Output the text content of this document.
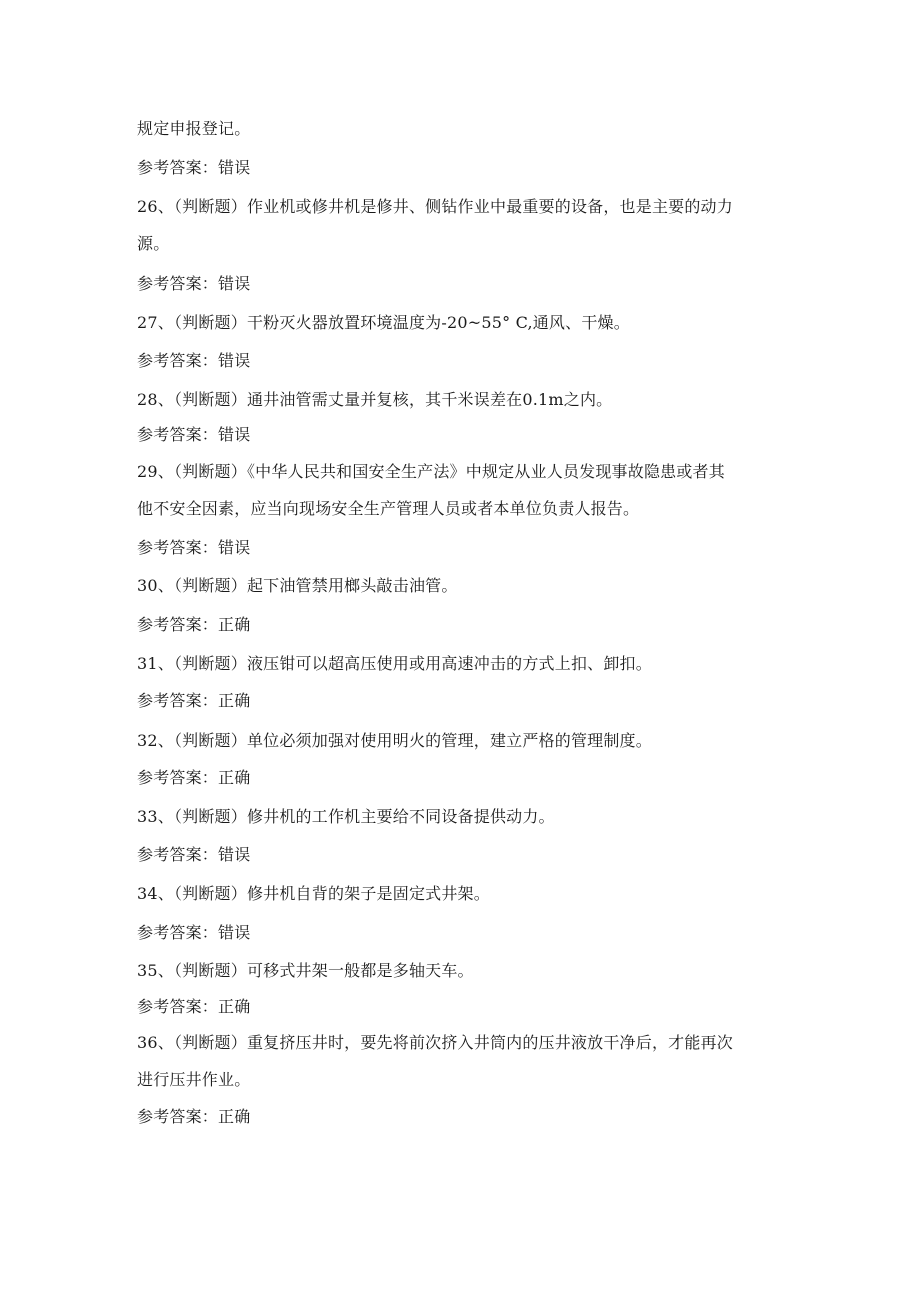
规定申报登记。
参考答案：错误
26、（判断题）作业机或修井机是修井、侧钻作业中最重要的设备，也是主要的动力
源。
参考答案：错误
27、（判断题）干粉灭火器放置环境温度为-20~55° C,通风、干燥。
参考答案：错误
28、（判断题）通井油管需丈量并复核，其千米误差在0.1m之内。
参考答案：错误
29、（判断题）《中华人民共和国安全生产法》中规定从业人员发现事故隐患或者其
他不安全因素，应当向现场安全生产管理人员或者本单位负责人报告。
参考答案：错误
30、（判断题）起下油管禁用榔头敲击油管。
参考答案：正确
31、（判断题）液压钳可以超高压使用或用高速冲击的方式上扣、卸扣。
参考答案：正确
32、（判断题）单位必须加强对使用明火的管理，建立严格的管理制度。
参考答案：正确
33、（判断题）修井机的工作机主要给不同设备提供动力。
参考答案：错误
34、（判断题）修井机自背的架子是固定式井架。
参考答案：错误
35、（判断题）可移式井架一般都是多轴天车。
参考答案：正确
36、（判断题）重复挤压井时，要先将前次挤入井筒内的压井液放干净后，才能再次
进行压井作业。
参考答案：正确
